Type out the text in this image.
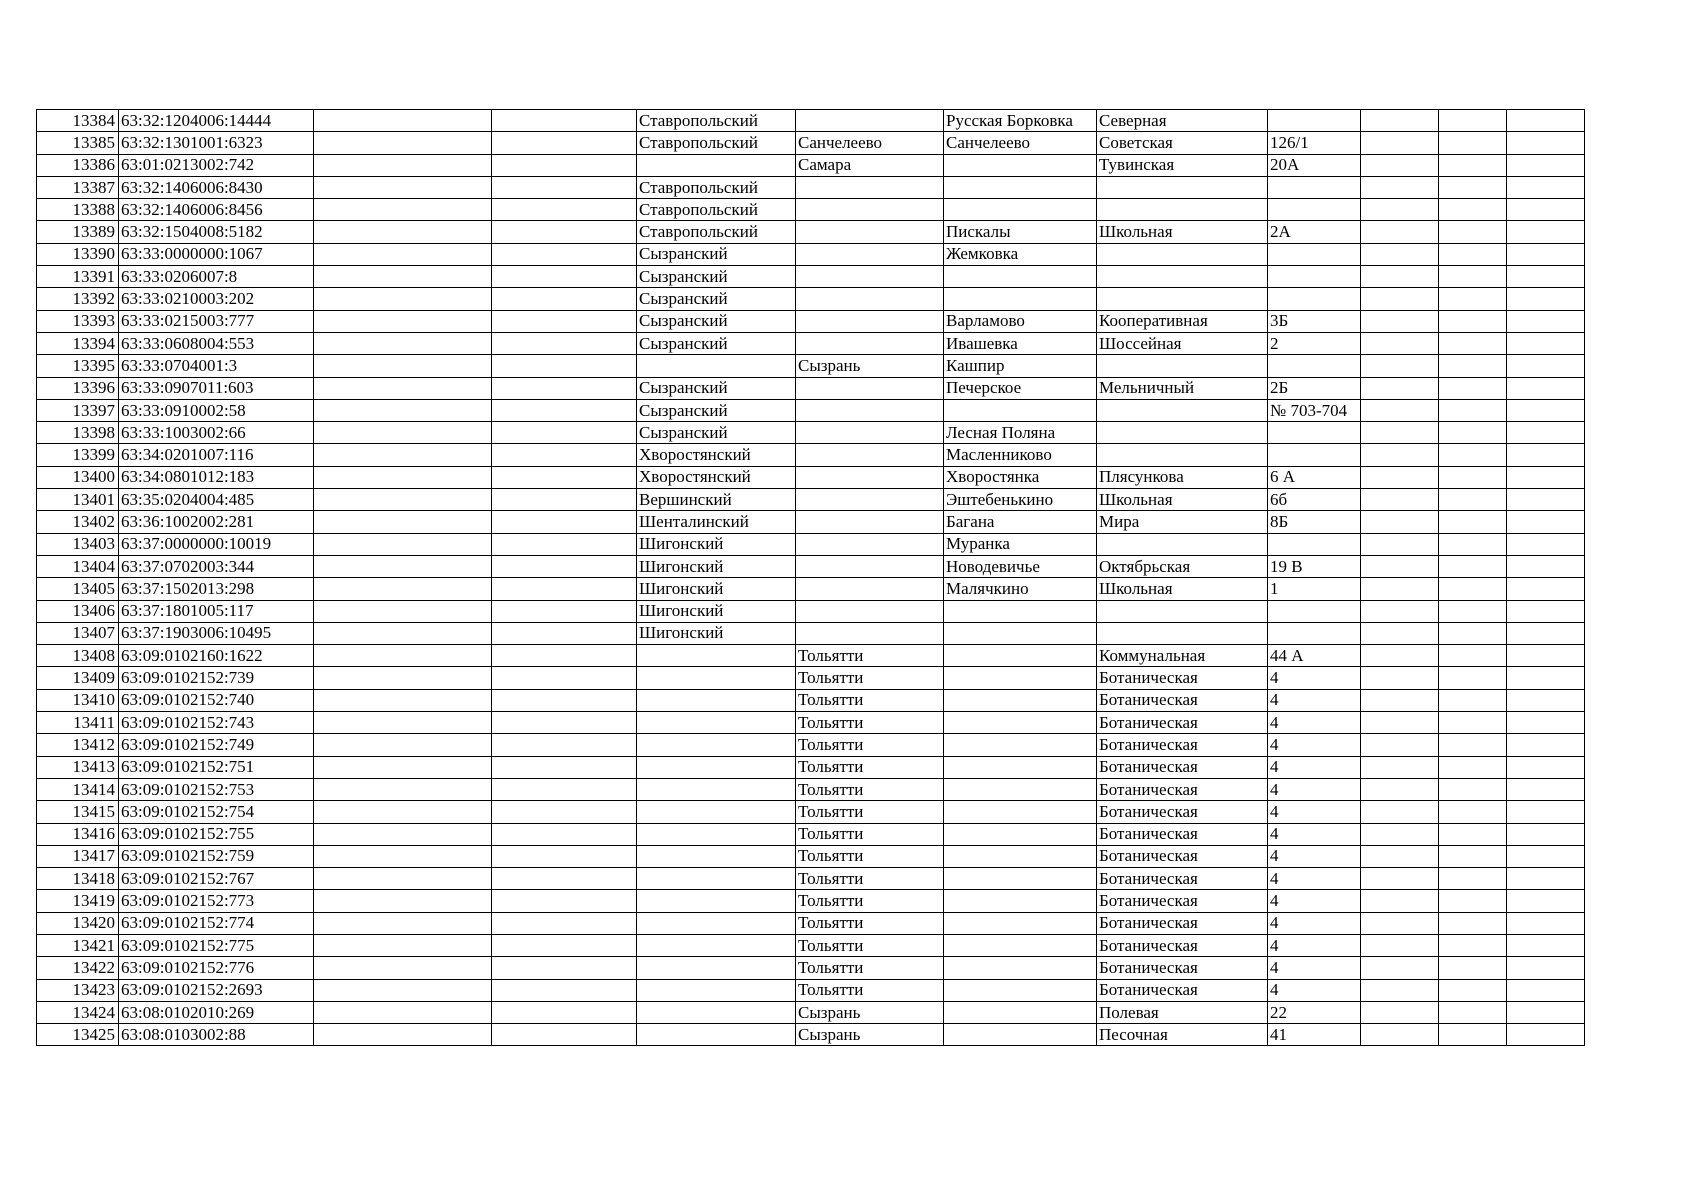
13384	63:32:1204006:14444			Ставропольский		Русская Борковка	Северная				
13385	63:32:1301001:6323			Ставропольский	Санчелеево	Санчелеево	Советская	126/1			
13386	63:01:0213002:742				Самара		Тувинская	20А			
13387	63:32:1406006:8430			Ставропольский							
13388	63:32:1406006:8456			Ставропольский							
13389	63:32:1504008:5182			Ставропольский		Пискалы	Школьная	2А			
13390	63:33:0000000:1067			Сызранский		Жемковка					
13391	63:33:0206007:8			Сызранский							
13392	63:33:0210003:202			Сызранский							
13393	63:33:0215003:777			Сызранский		Варламово	Кооперативная	3Б			
13394	63:33:0608004:553			Сызранский		Ивашевка	Шоссейная	2			
13395	63:33:0704001:3				Сызрань	Кашпир					
13396	63:33:0907011:603			Сызранский		Печерское	Мельничный	2Б			
13397	63:33:0910002:58			Сызранский				№ 703-704			
13398	63:33:1003002:66			Сызранский		Лесная Поляна					
13399	63:34:0201007:116			Хворостянский		Масленниково					
13400	63:34:0801012:183			Хворостянский		Хворостянка	Плясункова	6 А			
13401	63:35:0204004:485			Вершинский		Эштебенькино	Школьная	6б			
13402	63:36:1002002:281			Шенталинский		Багана	Мира	8Б			
13403	63:37:0000000:10019			Шигонский		Муранка					
13404	63:37:0702003:344			Шигонский		Новодевичье	Октябрьская	19 В			
13405	63:37:1502013:298			Шигонский		Малячкино	Школьная	1			
13406	63:37:1801005:117			Шигонский							
13407	63:37:1903006:10495			Шигонский							
13408	63:09:0102160:1622				Тольятти		Коммунальная	44 А			
13409	63:09:0102152:739				Тольятти		Ботаническая	4			
13410	63:09:0102152:740				Тольятти		Ботаническая	4			
13411	63:09:0102152:743				Тольятти		Ботаническая	4			
13412	63:09:0102152:749				Тольятти		Ботаническая	4			
13413	63:09:0102152:751				Тольятти		Ботаническая	4			
13414	63:09:0102152:753				Тольятти		Ботаническая	4			
13415	63:09:0102152:754				Тольятти		Ботаническая	4			
13416	63:09:0102152:755				Тольятти		Ботаническая	4			
13417	63:09:0102152:759				Тольятти		Ботаническая	4			
13418	63:09:0102152:767				Тольятти		Ботаническая	4			
13419	63:09:0102152:773				Тольятти		Ботаническая	4			
13420	63:09:0102152:774				Тольятти		Ботаническая	4			
13421	63:09:0102152:775				Тольятти		Ботаническая	4			
13422	63:09:0102152:776				Тольятти		Ботаническая	4			
13423	63:09:0102152:2693				Тольятти		Ботаническая	4			
13424	63:08:0102010:269				Сызрань		Полевая	22			
13425	63:08:0103002:88				Сызрань		Песочная	41			
